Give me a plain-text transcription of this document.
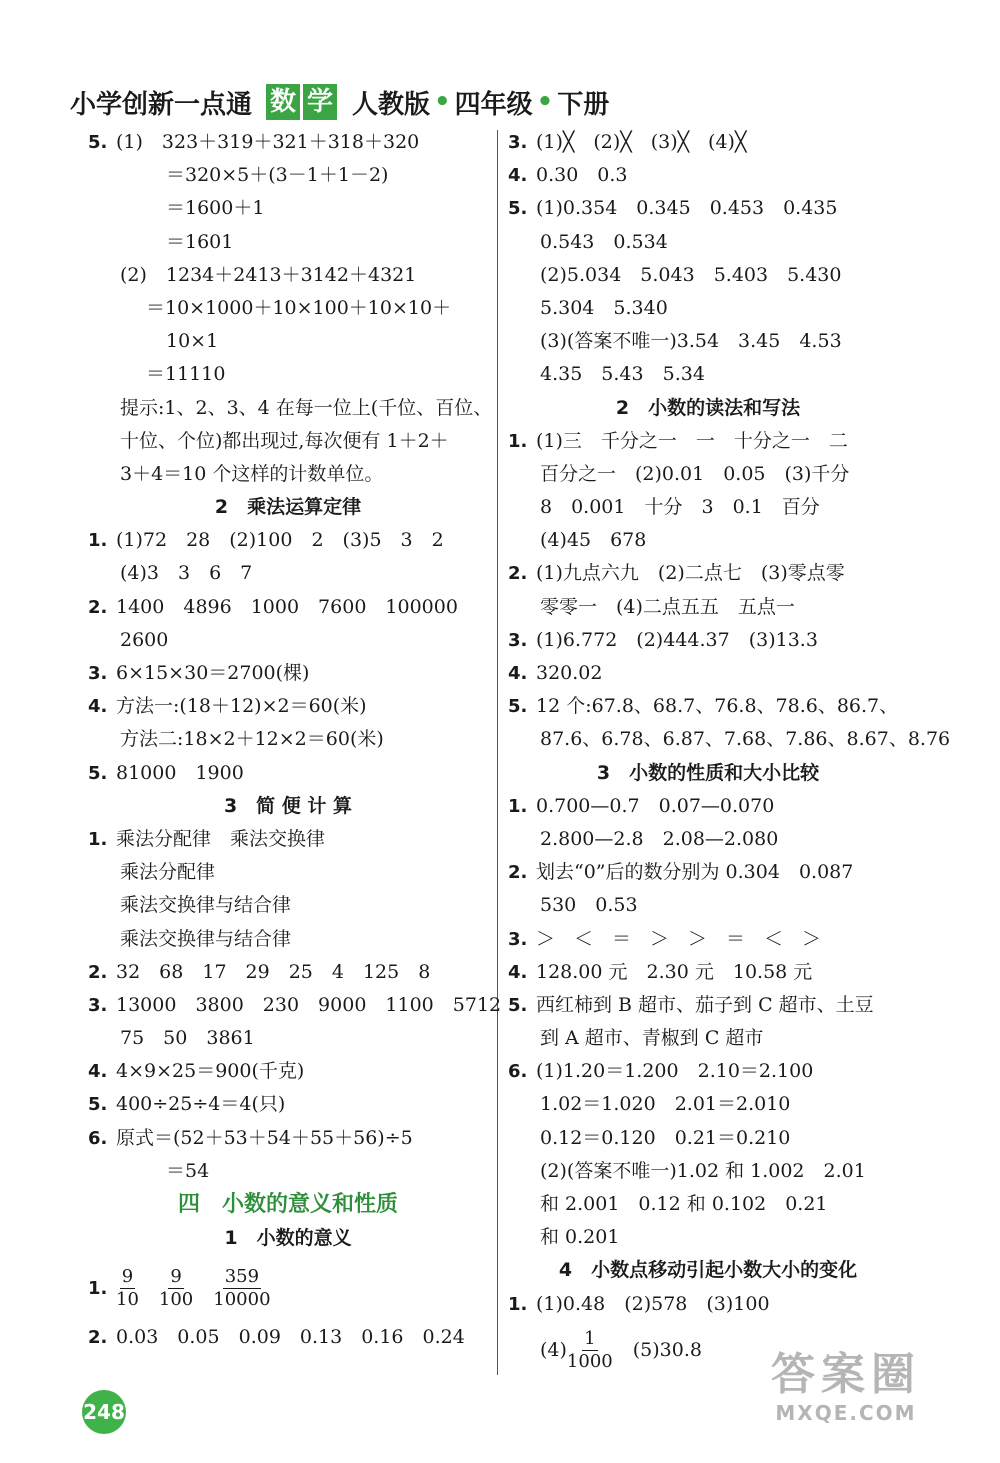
小学创新一点通 数 学 人教版 • 四年级 • 下册
5. (1)　323＋319＋321＋318＋320
＝320×5＋(3－1＋1－2)
＝1600＋1
＝1601
(2)　1234＋2413＋3142＋4321
＝10×1000＋10×100＋10×10＋
10×1
＝11110
提示:1、2、3、4 在每一位上(千位、百位、
十位、个位)都出现过,每次便有 1＋2＋
3＋4＝10 个这样的计数单位。
2　乘法运算定律
1. (1)72　28　(2)100　2　(3)5　3　2
(4)3　3　6　7
2. 1400　4896　1000　7600　100000
2600
3. 6×15×30＝2700(棵)
4. 方法一:(18＋12)×2＝60(米)
方法二:18×2＋12×2＝60(米)
5. 81000　1900
3　简 便 计 算
1. 乘法分配律　乘法交换律
乘法分配律
乘法交换律与结合律
乘法交换律与结合律
2. 32　68　17　29　25　4　125　8
3. 13000　3800　230　9000　1100　5712
75　50　3861
4. 4×9×25＝900(千克)
5. 400÷25÷4＝4(只)
6. 原式＝(52＋53＋54＋55＋56)÷5
＝54
四　小数的意义和性质
1　小数的意义
1. $\frac{9}{10} \frac{9}{100} \frac{359}{10000}$
2. 0.03　0.05　0.09　0.13　0.16　0.24
3. (1)╳　(2)╳　(3)╳　(4)╳
4. 0.30　0.3
5. (1)0.354　0.345　0.453　0.435
0.543　0.534
(2)5.034　5.043　5.403　5.430
5.304　5.340
(3)(答案不唯一)3.54　3.45　4.53
4.35　5.43　5.34
2　小数的读法和写法
1. (1)三　千分之一　一　十分之一　二
百分之一　(2)0.01　0.05　(3)千分
8　0.001　十分　3　0.1　百分
(4)45　678
2. (1)九点六九　(2)二点七　(3)零点零
零零一　(4)二点五五　五点一
3. (1)6.772　(2)444.37　(3)13.3
4. 320.02
5. 12 个:67.8、68.7、76.8、78.6、86.7、
87.6、6.78、6.87、7.68、7.86、8.67、8.76
3　小数的性质和大小比较
1. 0.700—0.7　0.07—0.070
2.800—2.8　2.08—2.080
2. 划去“0”后的数分别为 0.304　0.087
530　0.53
3. ＞　＜　＝　＞　＞　＝　＜　＞
4. 128.00 元　2.30 元　10.58 元
5. 西红柿到 B 超市、茄子到 C 超市、土豆
到 A 超市、青椒到 C 超市
6. (1)1.20＝1.200　2.10＝2.100
1.02＝1.020　2.01＝2.010
0.12＝0.120　0.21＝0.210
(2)(答案不唯一)1.02 和 1.002　2.01
和 2.001　0.12 和 0.102　0.21
和 0.201
4　小数点移动引起小数大小的变化
1. (1)0.48　(2)578　(3)100
$(4) \frac{1}{1000} (5)30.8$
248
答案圈
MXQE.COM
